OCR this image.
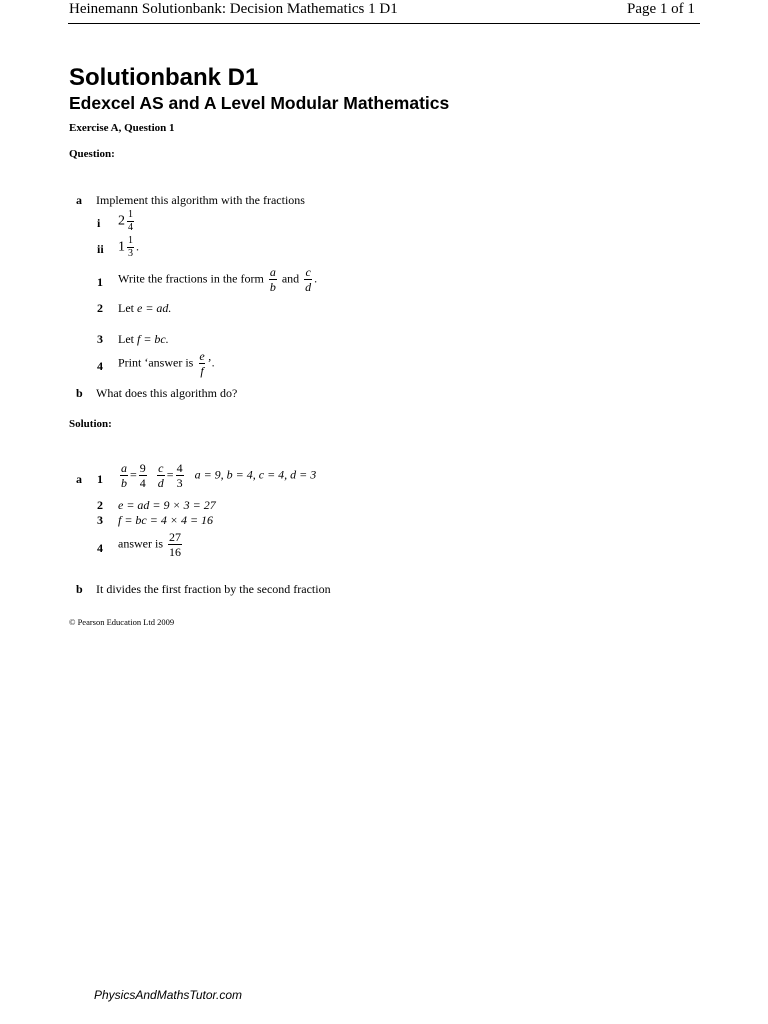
Heinemann Solutionbank: Decision Mathematics 1 D1	Page 1 of 1
Solutionbank D1
Edexcel AS and A Level Modular Mathematics
Exercise A, Question 1
Question:
a Implement this algorithm with the fractions
i $2 \frac{1}{4}$
ii $1 \frac{1}{3}$ .
1 Write the fractions in the form $\frac{a}{b}$ and $\frac{c}{d}$ .
2 Let e = ad.
3 Let f = bc.
4 Print ‘answer is $\frac{e}{f}$ ’.
b What does this algorithm do?
Solution:
a $1 \frac{a}{b} = \frac{9}{4}$
$\frac{c}{d} = \frac{4}{3}$ a = 9, b = 4, c = 4, d = 3
2 e = ad = 9 × 3 = 27
3 f = bc = 4 × 4 = 16
4 answer is $\frac{27}{16}$
b It divides the first fraction by the second fraction
© Pearson Education Ltd 2009
PhysicsAndMathsTutor.com
